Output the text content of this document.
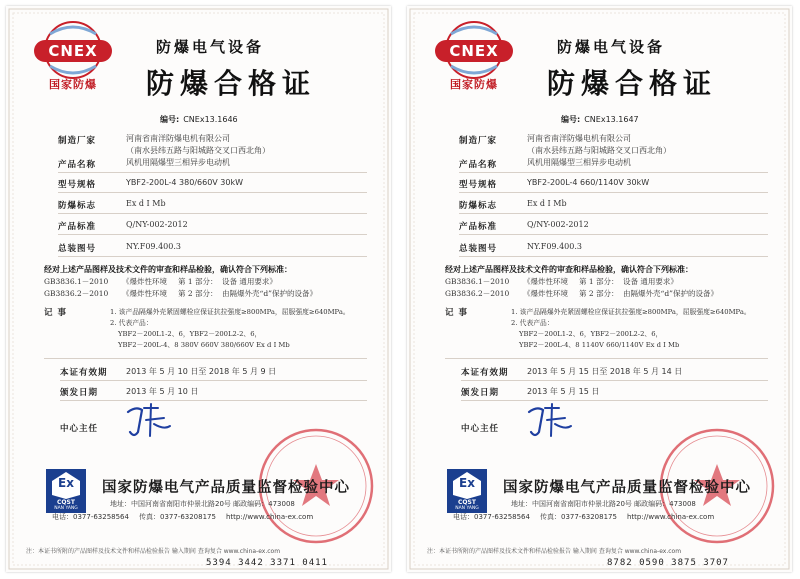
CNEX
国家防爆
防爆电气设备
防爆合格证
编号: CNEx13.1646
制造厂家	河南省南洋防爆电机有限公司
（南水县纬五路与阳城路交叉口西北角）
产品名称	风机用隔爆型三相异步电动机
型号规格	YBF2-200L-4 380/660V 30kW
防爆标志	Ex d I Mb
产品标准	Q/NY-002-2012
总装图号	NY.F09.400.3
经对上述产品图样及技术文件的审查和样品检验，确认符合下列标准：
GB3836.1－2010 《爆炸性环境 第 1 部分： 设备 通用要求》
GB3836.2－2010 《爆炸性环境 第 2 部分： 由隔爆外壳“d”保护的设备》
记 事	1. 该产品隔爆外壳紧固螺栓应保证抗拉强度≥800MPa，屈服强度≥640MPa。
2. 代表产品：
YBF2－200L1-2、6，YBF2－200L2-2、6，
YBF2－200L-4、8 380V 660V 380/660V Ex d I Mb
本证有效期 2013 年 5 月 10 日至 2018 年 5 月 9 日
颁发日期	2013 年 5 月 10 日
中心主任
Ex
CQST
NAN YANG
国家防爆电气产品质量监督检验中心
地址：中国河南省南阳市仲景北路20号 邮政编码：473008
电话：0377-63258564 传真：0377-63208175 http://www.china-ex.com
注：本证书所附的产品图样及技术文件和样品检验报告 输入期间 查询复合 www.china-ex.com
5394 3442 3371 0411
CNEX
国家防爆
防爆电气设备
防爆合格证
编号: CNEx13.1647
制造厂家	河南省南洋防爆电机有限公司
（南水县纬五路与阳城路交叉口西北角）
产品名称	风机用隔爆型三相异步电动机
型号规格	YBF2-200L-4 660/1140V 30kW
防爆标志	Ex d I Mb
产品标准	Q/NY-002-2012
总装图号	NY.F09.400.3
经对上述产品图样及技术文件的审查和样品检验，确认符合下列标准：
GB3836.1－2010 《爆炸性环境 第 1 部分： 设备 通用要求》
GB3836.2－2010 《爆炸性环境 第 2 部分： 由隔爆外壳“d”保护的设备》
记 事	1. 该产品隔爆外壳紧固螺栓应保证抗拉强度≥800MPa，屈服强度≥640MPa。
2. 代表产品：
YBF2－200L1-2、6，YBF2－200L2-2、6，
YBF2－200L-4、8 1140V 660/1140V Ex d I Mb
本证有效期 2013 年 5 月 15 日至 2018 年 5 月 14 日
颁发日期	2013 年 5 月 15 日
中心主任
Ex
CQST
NAN YANG
国家防爆电气产品质量监督检验中心
地址：中国河南省南阳市仲景北路20号 邮政编码：473008
电话：0377-63258564 传真：0377-63208175 http://www.china-ex.com
注：本证书所附的产品图样及技术文件和样品检验报告 输入期间 查询复合 www.china-ex.com
8782 0590 3875 3707
